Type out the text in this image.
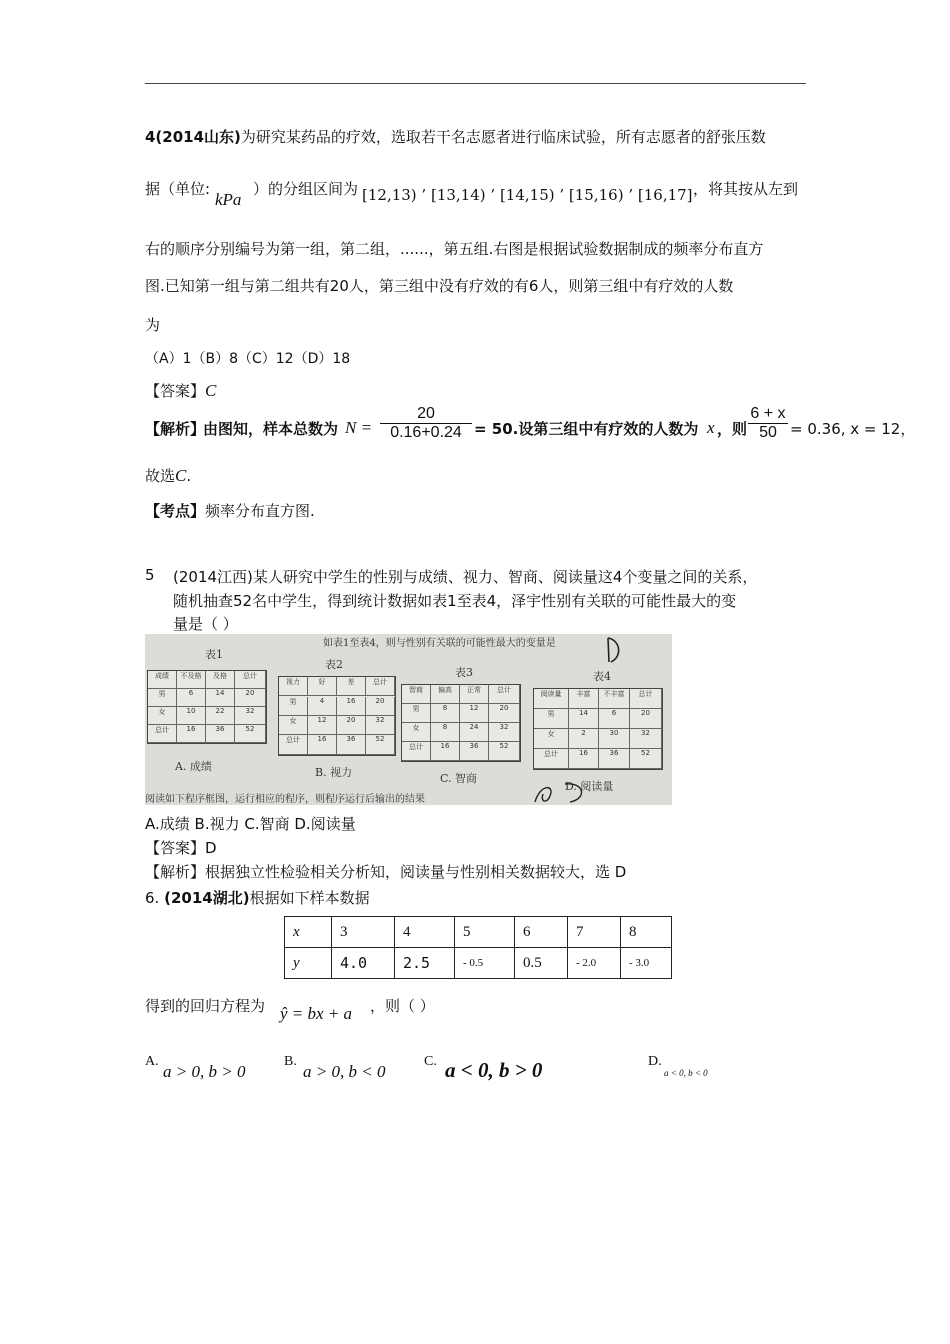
4(2014山东)为研究某药品的疗效，选取若干名志愿者进行临床试验，所有志愿者的舒张压数
据（单位:
kPa
）的分组区间为 [12,13) ’ [13,14) ’ [14,15) ’ [15,16) ’ [16,17] ，将其按从左到
右的顺序分别编号为第一组，第二组，......，第五组.右图是根据试验数据制成的频率分布直方
图.已知第一组与第二组共有20人，第三组中没有疗效的有6人，则第三组中有疗效的人数
为
（A）1（B）8（C）12（D）18
【答案】C
【解析】
由图知，样本总数为 $N = \frac{20}{0.16+0.24} = 50$.设第三组中有疗效的人数为 x ，则 $\frac{6 + x}{50} = 0.36$, x = 12，
故选C.
【考点】频率分布直方图.
5 (2014江西)某人研究中学生的性别与成绩、视力、智商、阅读量这4个变量之间的关系，
随机抽查52名中学生，得到统计数据如表1至表4，泽宇性别有关联的可能性最大的变
量是（ ）
如表1至表4，则与性别有关联的可能性最大的变量是
表1
表2
表3	表4
成绩	不及格	及格	总计
男	6	14	20
女	10	22	32
总计	16	36	52
视力	好	差	总计
男	4	16	20
女	12	20	32
总计	16	36	52
智商	偏高	正常	总计
男	8	12	20
女	8	24	32
总计	16	36	52
阅读量	丰富	不丰富	总计
男	14	6	20
女	2	30	32
总计	16	36	52
A. 成绩	B. 视力	C. 智商
D. 阅读量
阅读如下程序框图，运行相应的程序，则程序运行后输出的结果
A.成绩 B.视力 C.智商 D.阅读量
【答案】D
【解析】根据独立性检验相关分析知，阅读量与性别相关数据较大，选 D
6. (2014湖北)根据如下样本数据
x	3	4	5	6	7	8
y	4.0	2.5	- 0.5	0.5	- 2.0	- 3.0
得到的回归方程为 ŷ = bx + a ，则（ ）
A.
a > 0, b > 0
B.
a > 0, b < 0
C. a < 0, b > 0	D.
a < 0, b < 0
